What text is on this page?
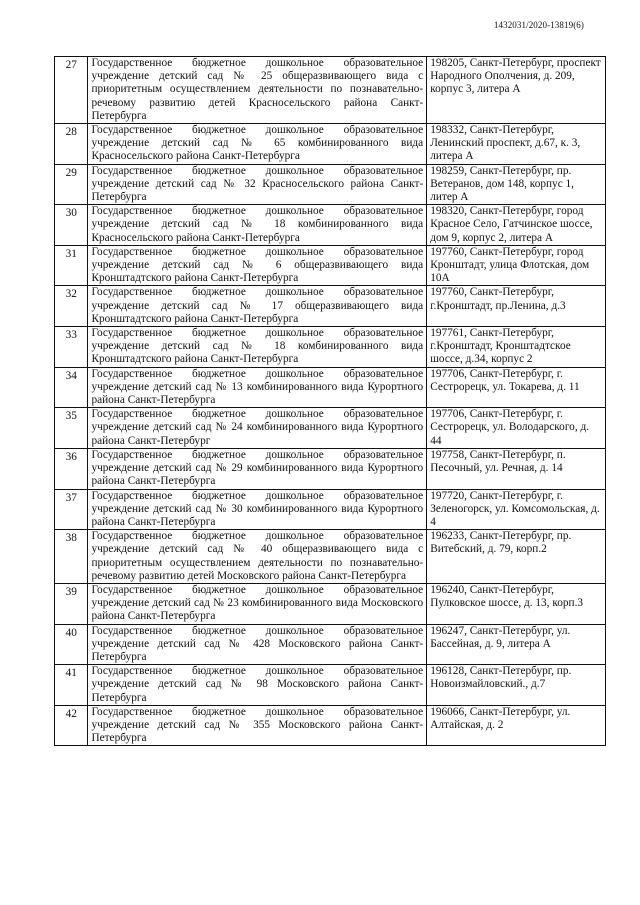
1432031/2020-13819(6)
27	Государственное бюджетное дошкольное образовательное учреждение детский сад № 25 общеразвивающего вида с приоритетным осуществлением деятельности по познавательно-речевому развитию детей Красносельского района Санкт-Петербурга	198205, Санкт-Петербург, проспект Народного Ополчения, д. 209, корпус 3, литера А
28	Государственное бюджетное дошкольное образовательное учреждение детский сад № 65 комбинированного вида Красносельского района Санкт-Петербурга	198332, Санкт-Петербург, Ленинский проспект, д.67, к. 3, литера А
29	Государственное бюджетное дошкольное образовательное учреждение детский сад № 32 Красносельского района Санкт-Петербурга	198259, Санкт-Петербург, пр. Ветеранов, дом 148, корпус 1, литер А
30	Государственное бюджетное дошкольное образовательное учреждение детский сад № 18 комбинированного вида Красносельского района Санкт-Петербурга	198320, Санкт-Петербург, город Красное Село, Гатчинское шоссе, дом 9, корпус 2, литера А
31	Государственное бюджетное дошкольное образовательное учреждение детский сад № 6 общеразвивающего вида Кронштадтского района Санкт-Петербурга	197760, Санкт-Петербург, город Кронштадт, улица Флотская, дом 10А
32	Государственное бюджетное дошкольное образовательное учреждение детский сад № 17 общеразвивающего вида Кронштадтского района Санкт-Петербурга	197760, Санкт-Петербург, г.Кронштадт, пр.Ленина, д.3
33	Государственное бюджетное дошкольное образовательное учреждение детский сад № 18 комбинированного вида Кронштадтского района Санкт-Петербурга	197761, Санкт-Петербург, г.Кронштадт, Кронштадтское шоссе, д.34, корпус 2
34	Государственное бюджетное дошкольное образовательное учреждение детский сад № 13 комбинированного вида Курортного района Санкт-Петербурга	197706, Санкт-Петербург, г. Сестрорецк, ул. Токарева, д. 11
35	Государственное бюджетное дошкольное образовательное учреждение детский сад № 24 комбинированного вида Курортного района Санкт-Петербург	197706, Санкт-Петербург, г. Сестрорецк, ул. Володарского, д. 44
36	Государственное бюджетное дошкольное образовательное учреждение детский сад № 29 комбинированного вида Курортного района Санкт-Петербурга	197758, Санкт-Петербург, п. Песочный, ул. Речная, д. 14
37	Государственное бюджетное дошкольное образовательное учреждение детский сад № 30 комбинированного вида Курортного района Санкт-Петербурга	197720, Санкт-Петербург, г. Зеленогорск, ул. Комсомольская, д. 4
38	Государственное бюджетное дошкольное образовательное учреждение детский сад № 40 общеразвивающего вида с приоритетным осуществлением деятельности по познавательно-речевому развитию детей Московского района Санкт-Петербурга	196233, Санкт-Петербург, пр. Витебский, д. 79, корп.2
39	Государственное бюджетное дошкольное образовательное учреждение детский сад № 23 комбинированного вида Московского района Санкт-Петербурга	196240, Санкт-Петербург, Пулковское шоссе, д. 13, корп.3
40	Государственное бюджетное дошкольное образовательное учреждение детский сад № 428 Московского района Санкт-Петербурга	196247, Санкт-Петербург, ул. Бассейная, д. 9, литера А
41	Государственное бюджетное дошкольное образовательное учреждение детский сад № 98 Московского района Санкт-Петербурга	196128, Санкт-Петербург, пр. Новоизмайловский., д.7
42	Государственное бюджетное дошкольное образовательное учреждение детский сад № 355 Московского района Санкт-Петербурга	196066, Санкт-Петербург, ул. Алтайская, д. 2
